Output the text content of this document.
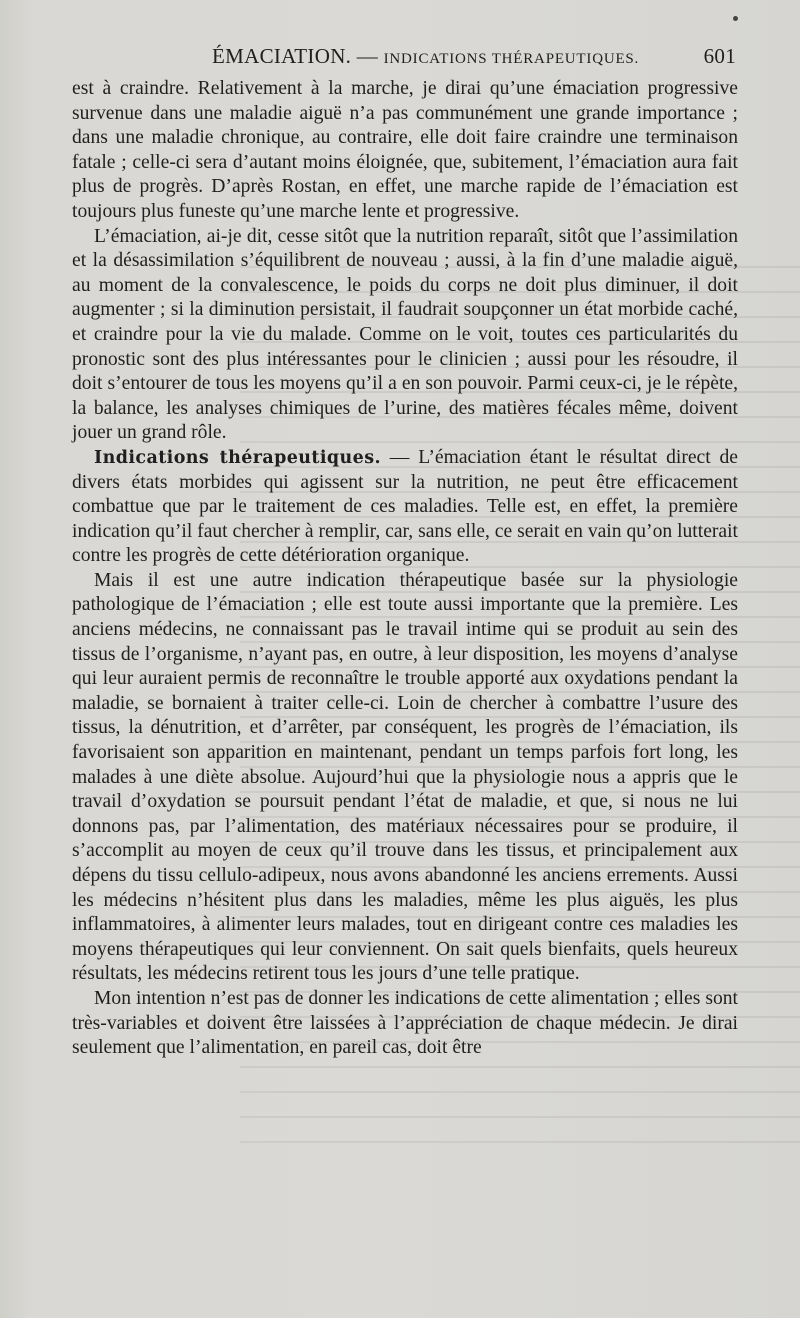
ÉMACIATION. — INDICATIONS THÉRAPEUTIQUES.	601

est à craindre. Relativement à la marche, je dirai qu’une émaciation progressive survenue dans une maladie aiguë n’a pas communément une grande importance ; dans une maladie chronique, au contraire, elle doit faire craindre une terminaison fatale ; celle-ci sera d’autant moins éloignée, que, subitement, l’émaciation aura fait plus de progrès. D’après Rostan, en effet, une marche rapide de l’émaciation est toujours plus funeste qu’une marche lente et progressive.

L’émaciation, ai-je dit, cesse sitôt que la nutrition reparaît, sitôt que l’assimilation et la désassimilation s’équilibrent de nouveau ; aussi, à la fin d’une maladie aiguë, au moment de la convalescence, le poids du corps ne doit plus diminuer, il doit augmenter ; si la diminution persistait, il faudrait soupçonner un état morbide caché, et craindre pour la vie du malade. Comme on le voit, toutes ces particularités du pronostic sont des plus intéressantes pour le clinicien ; aussi pour les résoudre, il doit s’entourer de tous les moyens qu’il a en son pouvoir. Parmi ceux-ci, je le répète, la balance, les analyses chimiques de l’urine, des matières fécales même, doivent jouer un grand rôle.

Indications thérapeutiques. — L’émaciation étant le résultat direct de divers états morbides qui agissent sur la nutrition, ne peut être efficacement combattue que par le traitement de ces maladies. Telle est, en effet, la première indication qu’il faut chercher à remplir, car, sans elle, ce serait en vain qu’on lutterait contre les progrès de cette détérioration organique.

Mais il est une autre indication thérapeutique basée sur la physiologie pathologique de l’émaciation ; elle est toute aussi importante que la première. Les anciens médecins, ne connaissant pas le travail intime qui se produit au sein des tissus de l’organisme, n’ayant pas, en outre, à leur disposition, les moyens d’analyse qui leur auraient permis de reconnaître le trouble apporté aux oxydations pendant la maladie, se bornaient à traiter celle-ci. Loin de chercher à combattre l’usure des tissus, la dénutrition, et d’arrêter, par conséquent, les progrès de l’émaciation, ils favorisaient son apparition en maintenant, pendant un temps parfois fort long, les malades à une diète absolue. Aujourd’hui que la physiologie nous a appris que le travail d’oxydation se poursuit pendant l’état de maladie, et que, si nous ne lui donnons pas, par l’alimentation, des matériaux nécessaires pour se produire, il s’accomplit au moyen de ceux qu’il trouve dans les tissus, et principalement aux dépens du tissu cellulo-adipeux, nous avons abandonné les anciens errements. Aussi les médecins n’hésitent plus dans les maladies, même les plus aiguës, les plus inflammatoires, à alimenter leurs malades, tout en dirigeant contre ces maladies les moyens thérapeutiques qui leur conviennent. On sait quels bienfaits, quels heureux résultats, les médecins retirent tous les jours d’une telle pratique.

Mon intention n’est pas de donner les indications de cette alimentation ; elles sont très-variables et doivent être laissées à l’appréciation de chaque médecin. Je dirai seulement que l’alimentation, en pareil cas, doit être
